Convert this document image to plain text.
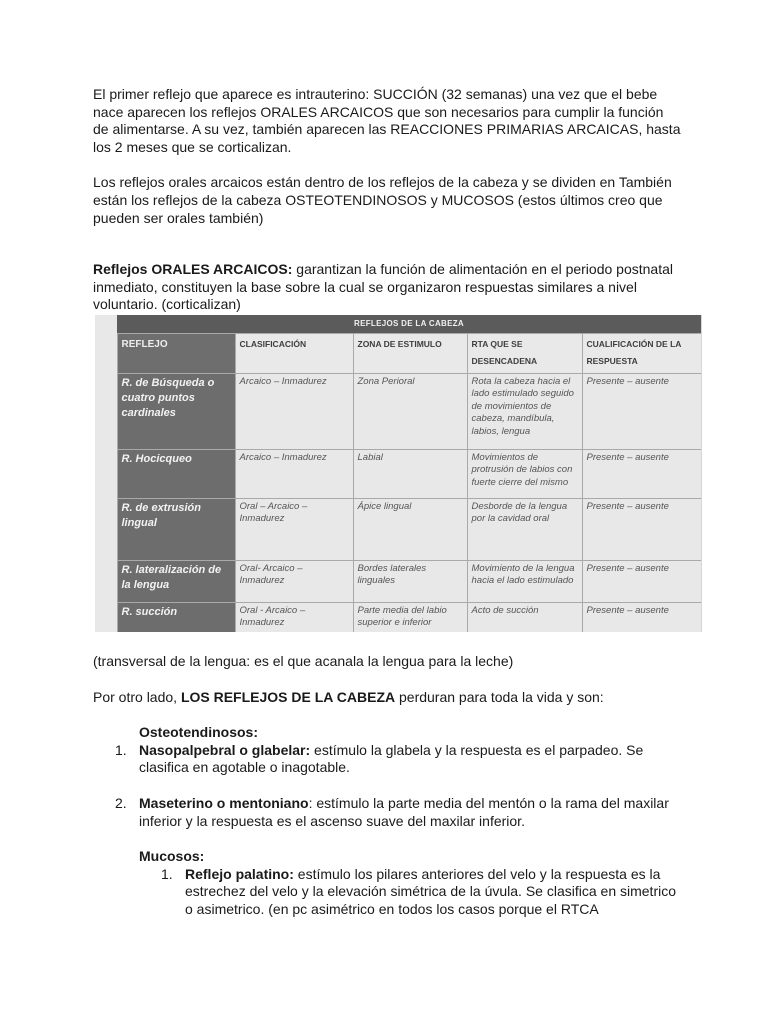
El primer reflejo que aparece es intrauterino: SUCCIÓN (32 semanas) una vez que el bebe nace aparecen los reflejos ORALES ARCAICOS que son necesarios para cumplir la función de alimentarse. A su vez, también aparecen las REACCIONES PRIMARIAS ARCAICAS, hasta los 2 meses que se corticalizan.

Los reflejos orales arcaicos están dentro de los reflejos de la cabeza y se dividen en También están los reflejos de la cabeza OSTEOTENDINOSOS y MUCOSOS (estos últimos creo que pueden ser orales también)

Reflejos ORALES ARCAICOS: garantizan la función de alimentación en el periodo postnatal inmediato, constituyen la base sobre la cual se organizaron respuestas similares a nivel voluntario. (corticalizan)

	REFLEJOS DE LA CABEZA				
	REFLEJO	CLASIFICACIÓN	ZONA DE ESTIMULO	RTA QUE SE DESENCADENA	CUALIFICACIÓN DE LA RESPUESTA
	R. de Búsqueda o cuatro puntos cardinales	Arcaico – Inmadurez	Zona Perioral	Rota la cabeza hacia el lado estimulado seguido de movimientos de cabeza, mandíbula, labios, lengua	Presente – ausente
	R. Hocicqueo	Arcaico – Inmadurez	Labial	Movimientos de protrusión de labios con fuerte cierre del mismo	Presente – ausente
	R. de extrusión lingual	Oral – Arcaico – Inmadurez	Ápice lingual	Desborde de la lengua por la cavidad oral	Presente – ausente
	R. lateralización de la lengua	Oral- Arcaico – Inmadurez	Bordes laterales linguales	Movimiento de la lengua hacia el lado estimulado	Presente – ausente
	R. succión	Oral - Arcaico – Inmadurez	Parte media del labio superior e inferior	Acto de succión	Presente – ausente

(transversal de la lengua: es el que acanala la lengua para la leche)

Por otro lado, LOS REFLEJOS DE LA CABEZA perduran para toda la vida y son:

Osteotendinosos:

1. Nasopalpebral o glabelar: estímulo la glabela y la respuesta es el parpadeo. Se clasifica en agotable o inagotable.
2. Maseterino o mentoniano: estímulo la parte media del mentón o la rama del maxilar inferior y la respuesta es el ascenso suave del maxilar inferior.

Mucosos:

1. Reflejo palatino: estímulo los pilares anteriores del velo y la respuesta es la estrechez del velo y la elevación simétrica de la úvula. Se clasifica en simetrico o asimetrico. (en pc asimétrico en todos los casos porque el RTCA
